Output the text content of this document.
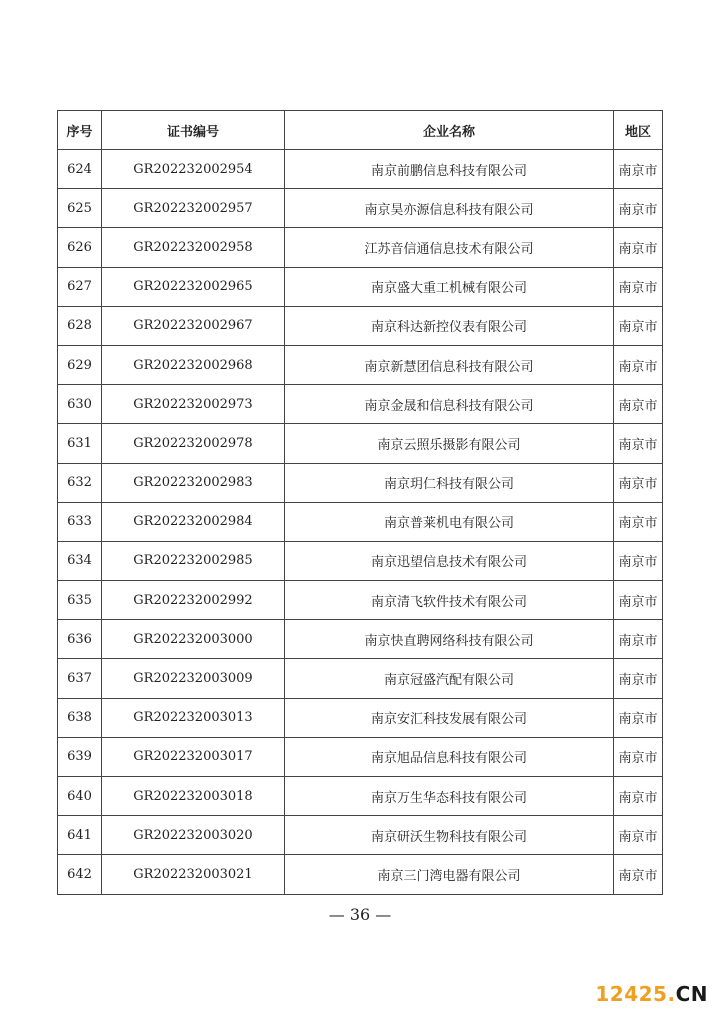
序号	证书编号	企业名称	地区
624	GR202232002954	南京前鹏信息科技有限公司	南京市
625	GR202232002957	南京昊亦源信息科技有限公司	南京市
626	GR202232002958	江苏音信通信息技术有限公司	南京市
627	GR202232002965	南京盛大重工机械有限公司	南京市
628	GR202232002967	南京科达新控仪表有限公司	南京市
629	GR202232002968	南京新慧团信息科技有限公司	南京市
630	GR202232002973	南京金晟和信息科技有限公司	南京市
631	GR202232002978	南京云照乐摄影有限公司	南京市
632	GR202232002983	南京玥仁科技有限公司	南京市
633	GR202232002984	南京普莱机电有限公司	南京市
634	GR202232002985	南京迅望信息技术有限公司	南京市
635	GR202232002992	南京清飞软件技术有限公司	南京市
636	GR202232003000	南京快直聘网络科技有限公司	南京市
637	GR202232003009	南京冠盛汽配有限公司	南京市
638	GR202232003013	南京安汇科技发展有限公司	南京市
639	GR202232003017	南京旭品信息科技有限公司	南京市
640	GR202232003018	南京万生华态科技有限公司	南京市
641	GR202232003020	南京研沃生物科技有限公司	南京市
642	GR202232003021	南京三门湾电器有限公司	南京市
— 36 —
12425.CN
